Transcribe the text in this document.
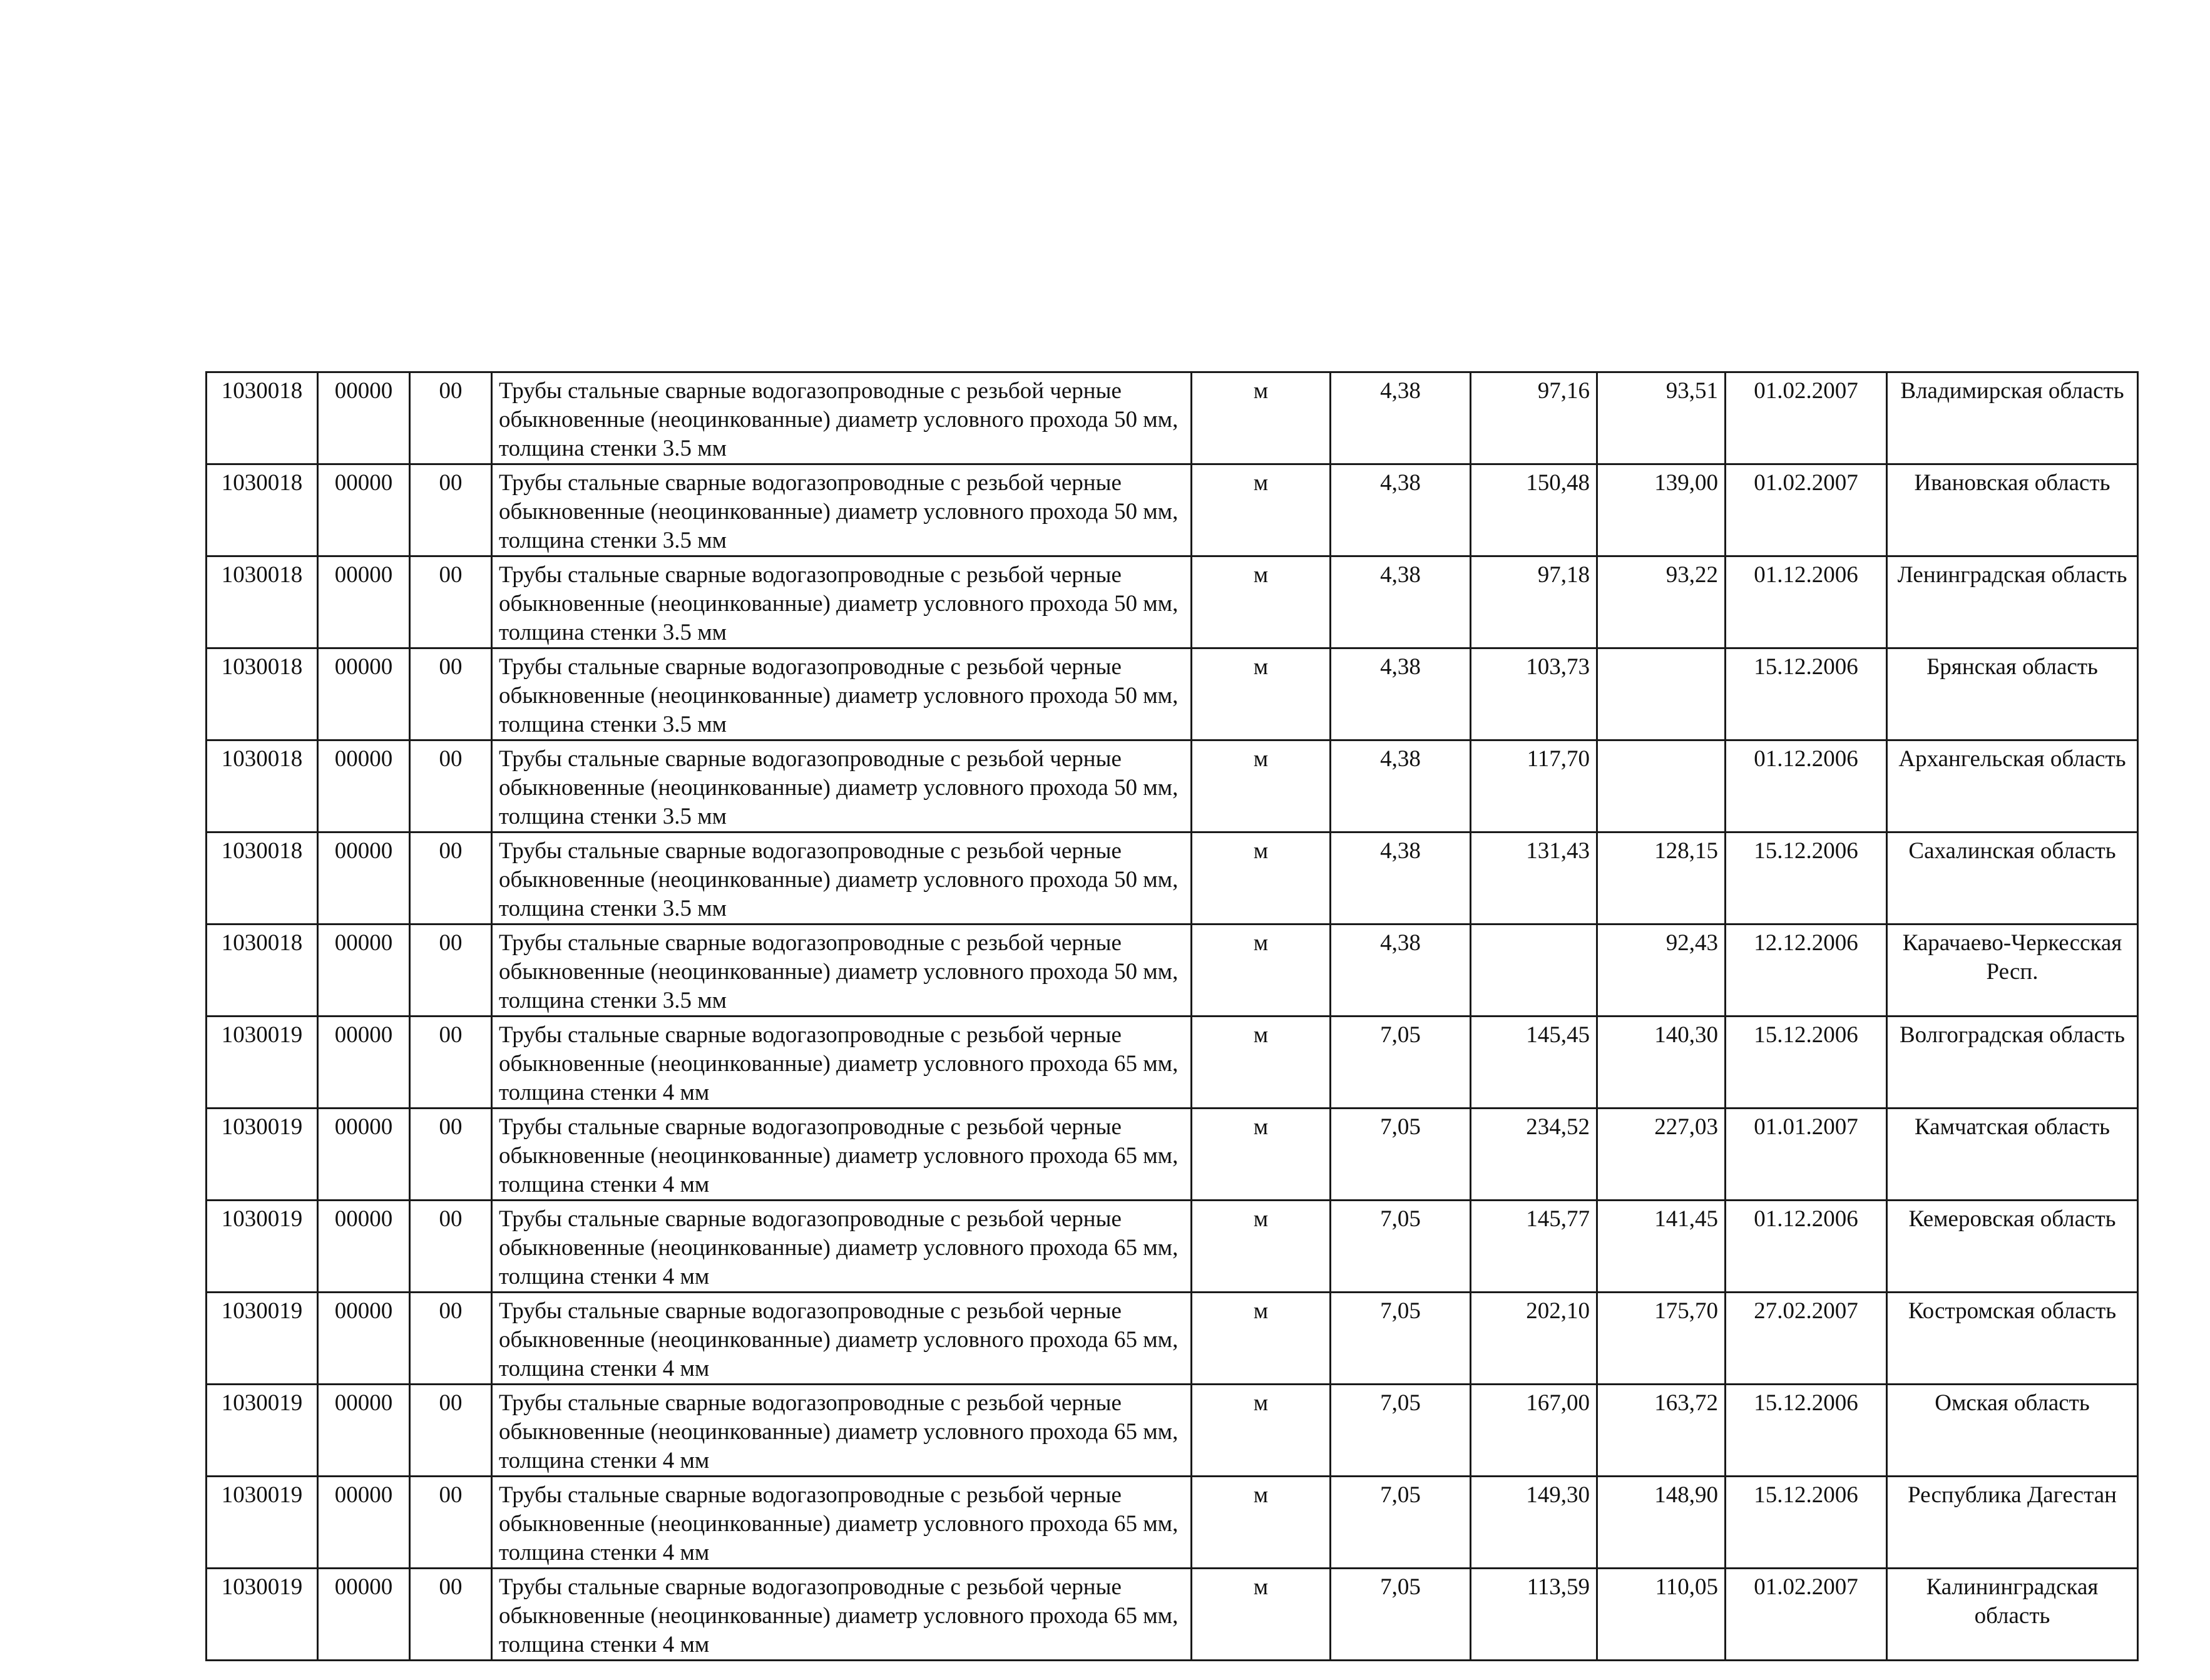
1030018	00000	00	Трубы стальные сварные водогазопроводные с резьбой черные обыкновенные (неоцинкованные) диаметр условного прохода 50 мм, толщина стенки 3.5 мм	м	4,38	97,16	93,51	01.02.2007	Владимирская область
1030018	00000	00	Трубы стальные сварные водогазопроводные с резьбой черные обыкновенные (неоцинкованные) диаметр условного прохода 50 мм, толщина стенки 3.5 мм	м	4,38	150,48	139,00	01.02.2007	Ивановская область
1030018	00000	00	Трубы стальные сварные водогазопроводные с резьбой черные обыкновенные (неоцинкованные) диаметр условного прохода 50 мм, толщина стенки 3.5 мм	м	4,38	97,18	93,22	01.12.2006	Ленинградская область
1030018	00000	00	Трубы стальные сварные водогазопроводные с резьбой черные обыкновенные (неоцинкованные) диаметр условного прохода 50 мм, толщина стенки 3.5 мм	м	4,38	103,73		15.12.2006	Брянская область
1030018	00000	00	Трубы стальные сварные водогазопроводные с резьбой черные обыкновенные (неоцинкованные) диаметр условного прохода 50 мм, толщина стенки 3.5 мм	м	4,38	117,70		01.12.2006	Архангельская область
1030018	00000	00	Трубы стальные сварные водогазопроводные с резьбой черные обыкновенные (неоцинкованные) диаметр условного прохода 50 мм, толщина стенки 3.5 мм	м	4,38	131,43	128,15	15.12.2006	Сахалинская область
1030018	00000	00	Трубы стальные сварные водогазопроводные с резьбой черные обыкновенные (неоцинкованные) диаметр условного прохода 50 мм, толщина стенки 3.5 мм	м	4,38		92,43	12.12.2006	Карачаево-Черкесская Респ.
1030019	00000	00	Трубы стальные сварные водогазопроводные с резьбой черные обыкновенные (неоцинкованные) диаметр условного прохода 65 мм, толщина стенки 4 мм	м	7,05	145,45	140,30	15.12.2006	Волгоградская область
1030019	00000	00	Трубы стальные сварные водогазопроводные с резьбой черные обыкновенные (неоцинкованные) диаметр условного прохода 65 мм, толщина стенки 4 мм	м	7,05	234,52	227,03	01.01.2007	Камчатская область
1030019	00000	00	Трубы стальные сварные водогазопроводные с резьбой черные обыкновенные (неоцинкованные) диаметр условного прохода 65 мм, толщина стенки 4 мм	м	7,05	145,77	141,45	01.12.2006	Кемеровская область
1030019	00000	00	Трубы стальные сварные водогазопроводные с резьбой черные обыкновенные (неоцинкованные) диаметр условного прохода 65 мм, толщина стенки 4 мм	м	7,05	202,10	175,70	27.02.2007	Костромская область
1030019	00000	00	Трубы стальные сварные водогазопроводные с резьбой черные обыкновенные (неоцинкованные) диаметр условного прохода 65 мм, толщина стенки 4 мм	м	7,05	167,00	163,72	15.12.2006	Омская область
1030019	00000	00	Трубы стальные сварные водогазопроводные с резьбой черные обыкновенные (неоцинкованные) диаметр условного прохода 65 мм, толщина стенки 4 мм	м	7,05	149,30	148,90	15.12.2006	Республика Дагестан
1030019	00000	00	Трубы стальные сварные водогазопроводные с резьбой черные обыкновенные (неоцинкованные) диаметр условного прохода 65 мм, толщина стенки 4 мм	м	7,05	113,59	110,05	01.02.2007	Калининградская область
